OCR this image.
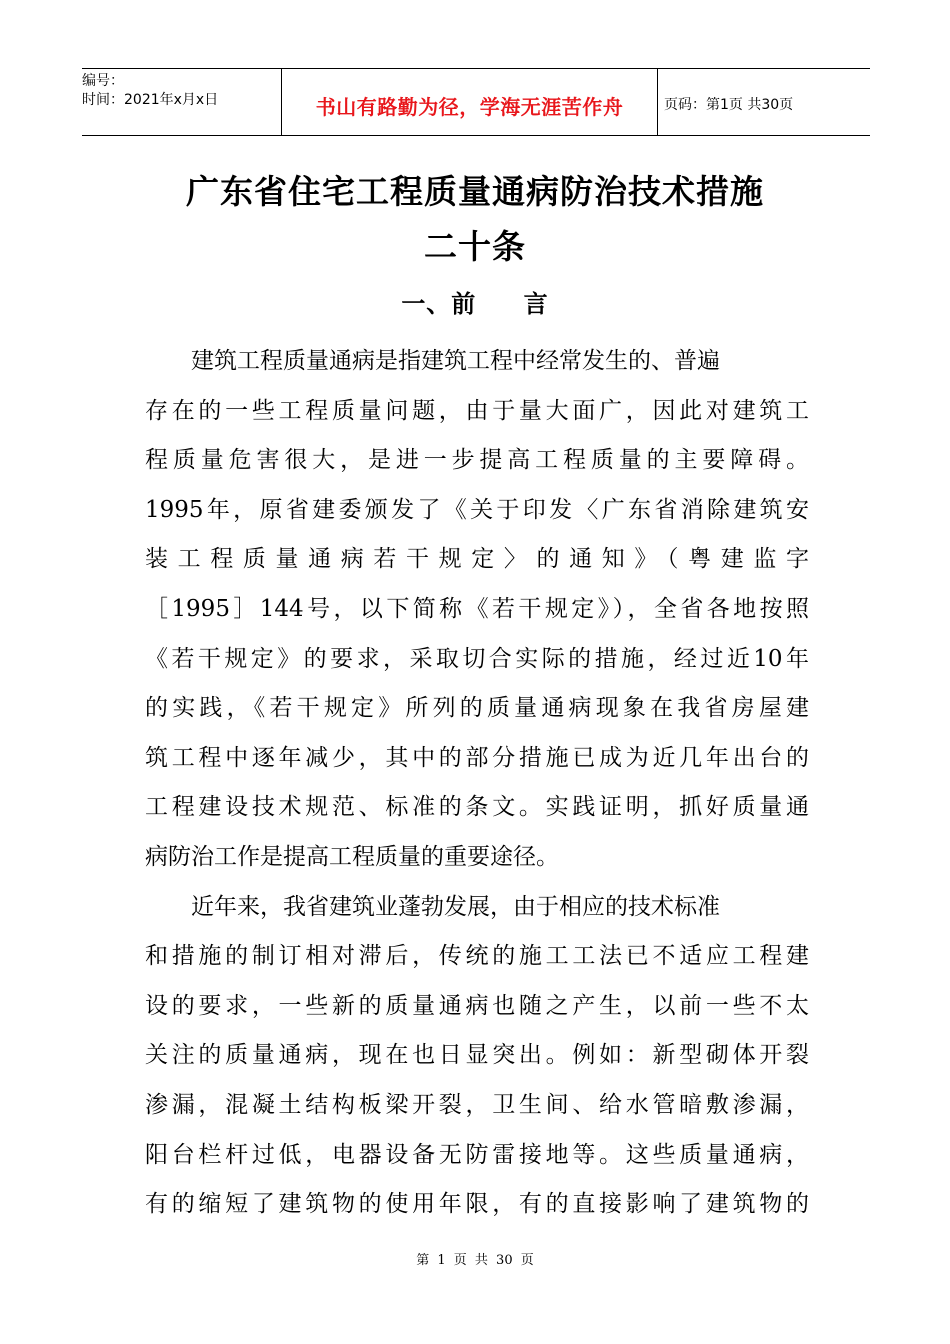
编号：
时间：2021年x月x日	书山有路勤为径，学海无涯苦作舟	页码：第1页 共30页
广东省住宅工程质量通病防治技术措施
二十条
一、前 言
建筑工程质量通病是指建筑工程中经常发生的、普遍
存在的一些工程质量问题，由于量大面广，因此对建筑工
程质量危害很大，是进一步提高工程质量的主要障碍。
1995年，原省建委颁发了《关于印发〈广东省消除建筑安
装工程质量通病若干规定〉的通知》（粤建监字
［1995］144号，以下简称《若干规定》），全省各地按照
《若干规定》的要求，采取切合实际的措施，经过近10年
的实践，《若干规定》所列的质量通病现象在我省房屋建
筑工程中逐年减少，其中的部分措施已成为近几年出台的
工程建设技术规范、标准的条文。实践证明，抓好质量通
病防治工作是提高工程质量的重要途径。
近年来，我省建筑业蓬勃发展，由于相应的技术标准
和措施的制订相对滞后，传统的施工工法已不适应工程建
设的要求，一些新的质量通病也随之产生，以前一些不太
关注的质量通病，现在也日显突出。例如：新型砌体开裂
渗漏，混凝土结构板梁开裂，卫生间、给水管暗敷渗漏，
阳台栏杆过低，电器设备无防雷接地等。这些质量通病，
有的缩短了建筑物的使用年限，有的直接影响了建筑物的
第 1 页 共 30 页
